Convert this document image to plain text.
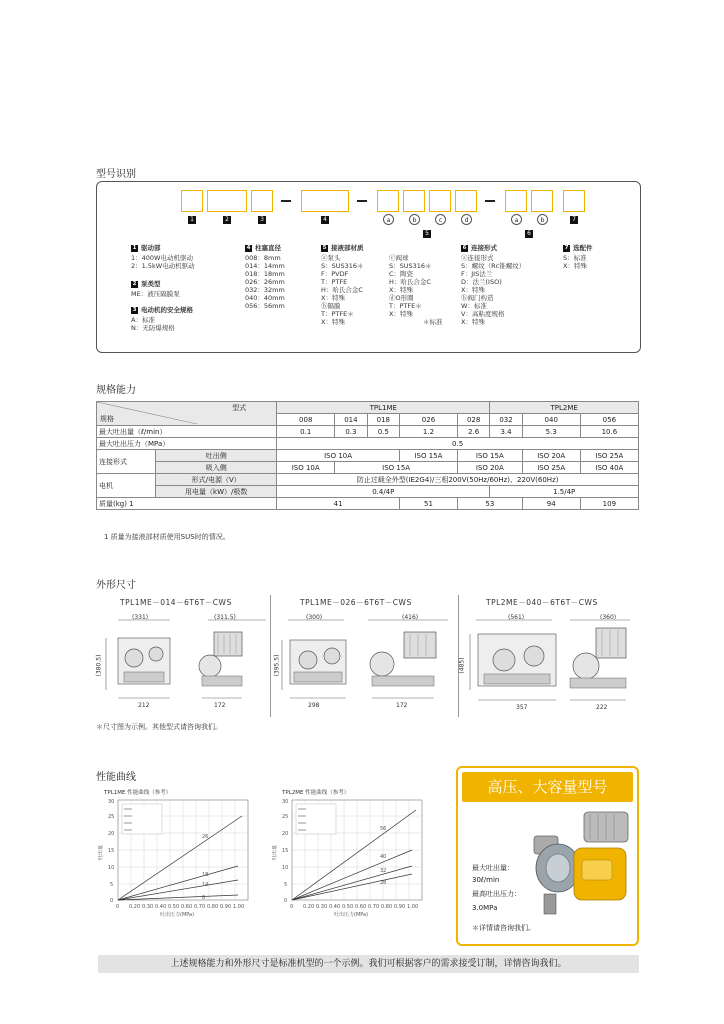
型号识别
1	2	3	4	a	b	c	d	a	b	7
5	6
1 驱动部
1：400W电动机驱动
2：1.5kW电动机驱动
2 泵类型
ME：液压隔膜泵
3 电动机的安全规格
A：标准
N：无防爆规格
4 柱塞直径
008：8mm
014：14mm
018：18mm
026：26mm
032：32mm
040：40mm
056：56mm
5 接液部材质
ⓐ泵头
S：SUS316＊
F：PVDF
T：PTFE
H：哈氏合金C
X：特殊
ⓑ隔膜
T：PTFE＊
X：特殊
ⓒ阀球
S：SUS316＊
C：陶瓷
H：哈氏合金C
X：特殊
ⓓO形圈
T：PTFE＊
X：特殊
＊标准
6 连接形式
ⓐ连接形式
S：螺纹（Rc锥螺纹）
F：JIS法兰
D：法兰(ISO)
X：特殊
ⓑ阀门构造
W：标准
V：高粘度规格
X：特殊
7 选配件
S：标准
X：特殊
规格能力
型式
规格		TPL1ME					TPL2ME		
		008	014	018	026	028	032	040	056
最大吐出量（ℓ/min）		0.1	0.3	0.5	1.2	2.6	3.4	5.3	10.6
最大吐出压力（MPa）		0.5							
连接形式	吐出侧	ISO 10A			ISO 15A	ISO 15A		ISO 20A	ISO 25A
	吸入侧	ISO 10A	ISO 15A			ISO 20A		ISO 25A	ISO 40A
电机	形式/电源（V）	防止过载全外型(IE2G4)/三相200V(50Hz/60Hz)、220V(60Hz)							
	用电量（kW）/极数	0.4/4P					1.5/4P		
质量(kg) 1		41			51	53		94	109
1 质量为接液部材质使用SUS时的情况。
外形尺寸
TPL1ME－014－6T6T－CWS	TPL1ME－026－6T6T－CWS	TPL2ME－040－6T6T－CWS
(331)	(311.5)
(380.5)
212	172
(300)	(416)
(395.5)
298	172
(561)	(360)
(485)
357	222
＊尺寸图为示例。其他型式请咨询我们。
性能曲线
TPL1ME 性能曲线（参考）
26
18
14
8
0 0.20 0.30 0.40 0.50 0.60 0.70 0.80 0.90 1.00
30
25
20
15
10
5
0
吐出压力(MPa)
吐出量
TPL2ME 性能曲线（参考）
56
40
32
28
0 0.20 0.30 0.40 0.50 0.60 0.70 0.80 0.90 1.00
30
25
20
15
10
5
0
吐出压力(MPa)
吐出量
高压、大容量型号
最大吐出量：
30ℓ/min
最高吐出压力：
3.0MPa
＊详情请咨询我们。
上述规格能力和外形尺寸是标准机型的一个示例。我们可根据客户的需求接受订制，详情咨询我们。
